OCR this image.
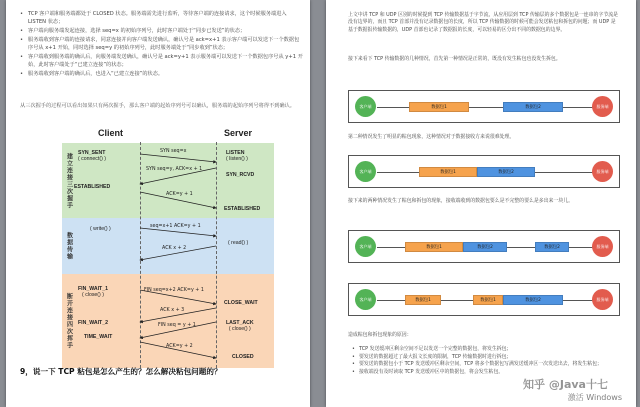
• TCP 客户端和服务端都处于 CLOSED 状态。服务端需先进行监听，等待客户端的连接请求，这个时候服务端进入 LISTEN 状态；
• 客户端向服务端发起连接，选择 seq=x 的初始序列号，此时客户端处于“同步已发送”的状态；
• 服务端收到客户端的连接请求，同意连接并向客户端发送确认，确认号是 ack=x+1 表示客户端可以发送下一个数据包序号从 x+1 开始，同时选择 seq=y 的初始序列号，此时服务端处于“同步收到”状态；
• 客户端收到服务端的确认后，向服务端发送确认，确认号是 ack=y+1 表示服务端可以发送下一个数据包序号从 y+1 开始，此时客户端处于“已建立连接”的状态；
• 服务端收到客户端的确认后，也进入“已建立连接”的状态。
从三次握手的过程可以看出如果只有两次握手，那么客户端的起始序列号可以确认，服务端的起始序列号将得不到确认。
Client	Server
建立连接三次握手
数据传输
断开连接四次挥手
SYN_SENT
( connect() )
ESTABLISHED
( write() )
FIN_WAIT_1
( close() )
FIN_WAIT_2
TIME_WAIT
LISTEN
( listen() )
SYN_RCVD
ESTABLISHED
( read() )
CLOSE_WAIT
LAST_ACK
( close() )
CLOSED
SYN seq=x
SYN seq=y, ACK=x + 1
ACK=y + 1
seq=x+1 ACK=y + 1
ACK x + 2
FIN seq=x+2 ACK=y + 1
ACK x + 3
FIN seq = y + 1
ACK=y + 2
9，说一下 TCP 粘包是怎么产生的？怎么解决粘包问题的？
上文中讲 TCP 和 UDP 区别的时候提到 TCP 传输数据基于字节流，从应用层到 TCP 传输层的多个数据包是一连串的字节流是没有边界的，而且 TCP 首部并没有记录数据包的长度，所以 TCP 传输数据的时候可能会发送粘包和拆包的问题；而 UDP 是基于数据报传输数据的，UDP 首部也记录了数据报的长度，可以轻易的区分出不同的数据包的边界。
接下来看下 TCP 传输数据的几种情况，首先第一种情况是正常的，既没有发生粘包也没发生拆包。
客户端	数据包1	数据包2	服务端
第二种情况发生了明显的粘包现象，这种情况对于数据接收方来说很难处理。
客户端	数据包1	数据包2	服务端
接下来的两种情况发生了粘包和拆包的现象，接收端收到的数据包要么是不完整的要么是多出来一块儿。
客户端	数据包1	数据包2	数据包2	服务端
客户端	数据包1	数据包1	数据包2	服务端
造成粘包和拆包现象的原因：
• TCP 发送缓冲区剩余空间不足以发送一个完整的数据包，将发生拆包；
• 要发送的数据超过了最大报文长度的限制，TCP 传输数据时进行拆包；
• 要发送的数据包小于 TCP 发送缓冲区剩余空间，TCP 将多个数据包写满发送缓冲区一次发送出去，将发生粘包；
• 接收端没有及时读取 TCP 发送缓冲区中的数据包，将会发生粘包。
知乎 @Java十七
激活 Windows
